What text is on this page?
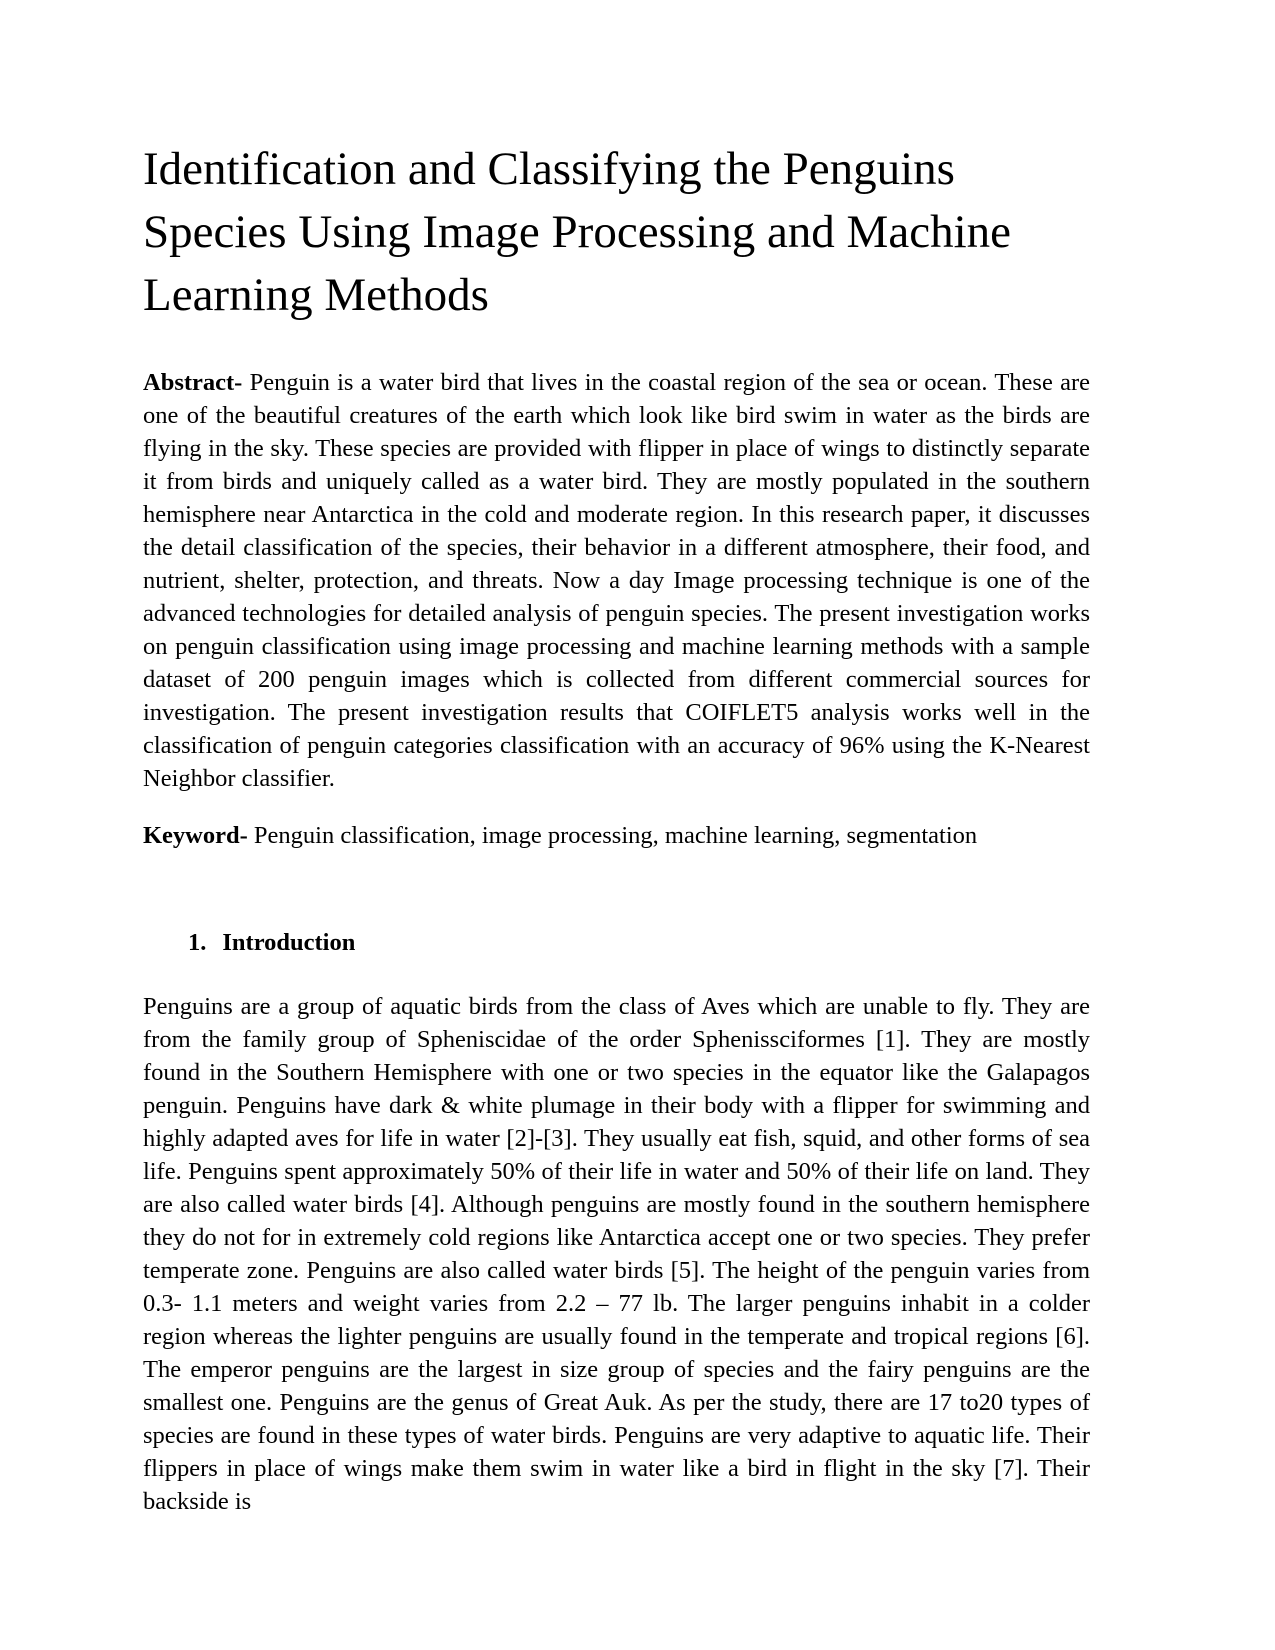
Identification and Classifying the Penguins Species Using Image Processing and Machine Learning Methods

Abstract- Penguin is a water bird that lives in the coastal region of the sea or ocean. These are one of the beautiful creatures of the earth which look like bird swim in water as the birds are flying in the sky. These species are provided with flipper in place of wings to distinctly separate it from birds and uniquely called as a water bird. They are mostly populated in the southern hemisphere near Antarctica in the cold and moderate region. In this research paper, it discusses the detail classification of the species, their behavior in a different atmosphere, their food, and nutrient, shelter, protection, and threats. Now a day Image processing technique is one of the advanced technologies for detailed analysis of penguin species. The present investigation works on penguin classification using image processing and machine learning methods with a sample dataset of 200 penguin images which is collected from different commercial sources for investigation. The present investigation results that COIFLET5 analysis works well in the classification of penguin categories classification with an accuracy of 96% using the K-Nearest Neighbor classifier.

Keyword- Penguin classification, image processing, machine learning, segmentation

1. Introduction

Penguins are a group of aquatic birds from the class of Aves which are unable to fly. They are from the family group of Spheniscidae of the order Sphenissciformes [1]. They are mostly found in the Southern Hemisphere with one or two species in the equator like the Galapagos penguin. Penguins have dark & white plumage in their body with a flipper for swimming and highly adapted aves for life in water [2]-[3]. They usually eat fish, squid, and other forms of sea life. Penguins spent approximately 50% of their life in water and 50% of their life on land. They are also called water birds [4]. Although penguins are mostly found in the southern hemisphere they do not for in extremely cold regions like Antarctica accept one or two species. They prefer temperate zone. Penguins are also called water birds [5]. The height of the penguin varies from 0.3- 1.1 meters and weight varies from 2.2 – 77 lb. The larger penguins inhabit in a colder region whereas the lighter penguins are usually found in the temperate and tropical regions [6]. The emperor penguins are the largest in size group of species and the fairy penguins are the smallest one. Penguins are the genus of Great Auk. As per the study, there are 17 to20 types of species are found in these types of water birds. Penguins are very adaptive to aquatic life. Their flippers in place of wings make them swim in water like a bird in flight in the sky [7]. Their backside is
